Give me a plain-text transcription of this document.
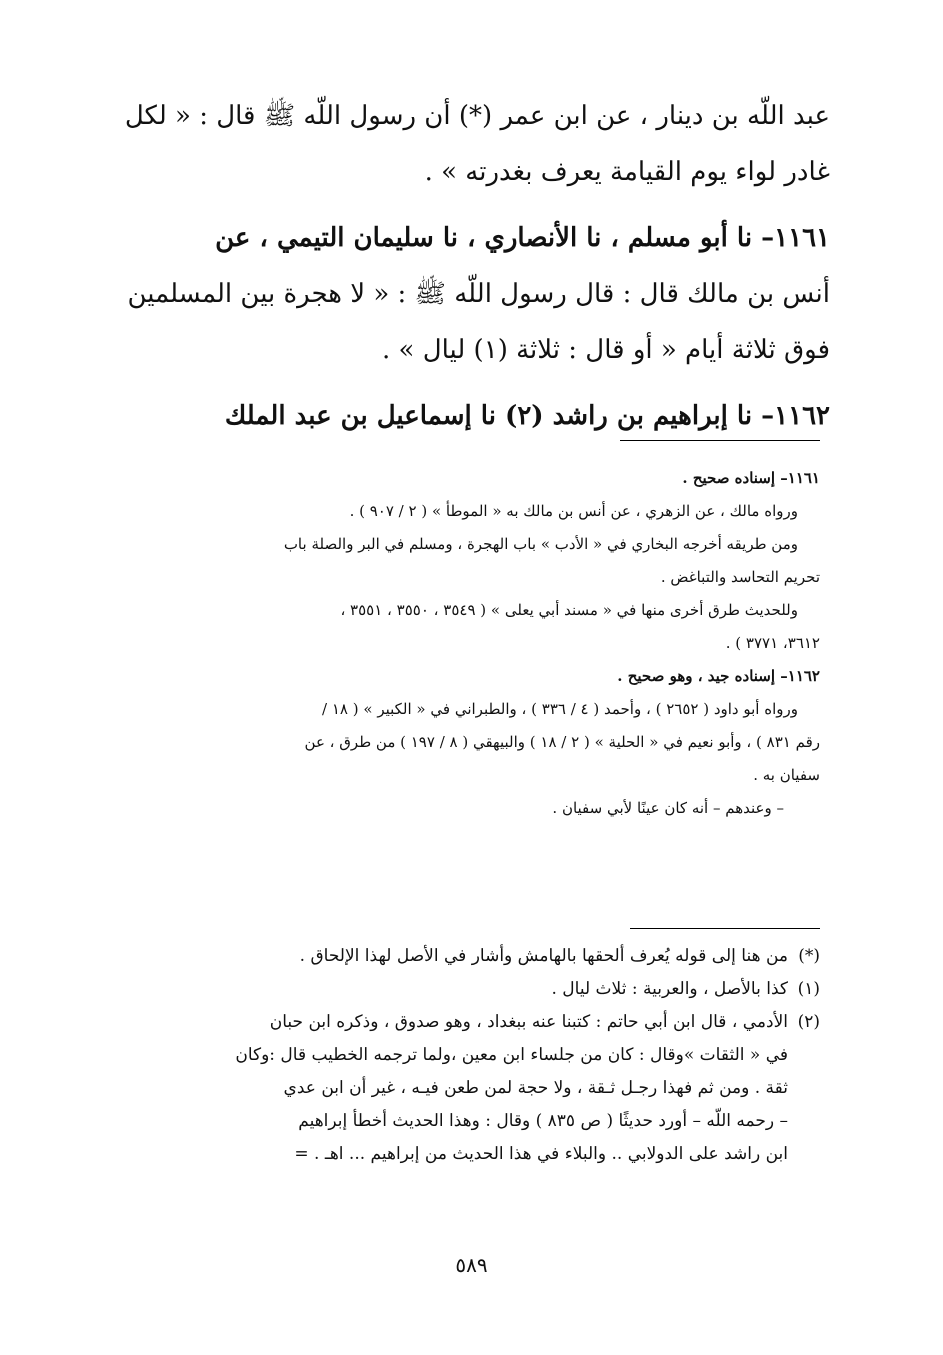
عبد اللّه بن دينار ، عن ابن عمر (*) أن رسول اللّه ﷺ قال : « لكل

غادر لواء يوم القيامة يعرف بغدرته » .

١١٦١– نا أبو مسلم ، نا الأنصاري ، نا سليمان التيمي ، عن

أنس بن مالك قال : قال رسول اللّه ﷺ : « لا هجرة بين المسلمين

فوق ثلاثة أيام « أو قال : ثلاثة (١) ليال » .

١١٦٢– نا إبراهيم بن راشد (٢) نا إسماعيل بن عبد الملك

١١٦١– إسناده صحيح .

ورواه مالك ، عن الزهري ، عن أنس بن مالك به « الموطأ » ( ٢ / ٩٠٧ ) .

ومن طريقه أخرجه البخاري في « الأدب » باب الهجرة ، ومسلم في البر والصلة باب

تحريم التحاسد والتباغض .

وللحديث طرق أخرى منها في « مسند أبي يعلى » ( ٣٥٤٩ ، ٣٥٥٠ ، ٣٥٥١ ،

٣٦١٢، ٣٧٧١ ) .

١١٦٢– إسناده جيد ، وهو صحيح .

ورواه أبو داود ( ٢٦٥٢ ) ، وأحمد ( ٤ / ٣٣٦ ) ، والطبراني في « الكبير » ( ١٨ /

رقم ٨٣١ ) ، وأبو نعيم في « الحلية » ( ٢ / ١٨ ) والبيهقي ( ٨ / ١٩٧ ) من طرق ، عن

سفيان به .

– وعندهم – أنه كان عينًا لأبي سفيان .

(*)من هنا إلى قوله يُعرف ألحقها بالهامش وأشار في الأصل لهذا الإلحاق .

(١)كذا بالأصل ، والعربية : ثلاث ليال .

(٢)الأدمي ، قال ابن أبي حاتم : كتبنا عنه ببغداد ، وهو صدوق ، وذكره ابن حبان

في « الثقات »وقال : كان من جلساء ابن معين ،ولما ترجمه الخطيب قال :وكان

ثقة . ومن ثم فهذا رجـل ثـقة ، ولا حجة لمن طعن فيـه ، غير أن ابن عدي

– رحمه اللّه – أورد حديثًا ( ص ٨٣٥ ) وقال : وهذا الحديث أخطأ إبراهيم

ابن راشد على الدولابي .. والبلاء في هذا الحديث من إبراهيم ... اهـ . =

٥٨٩
